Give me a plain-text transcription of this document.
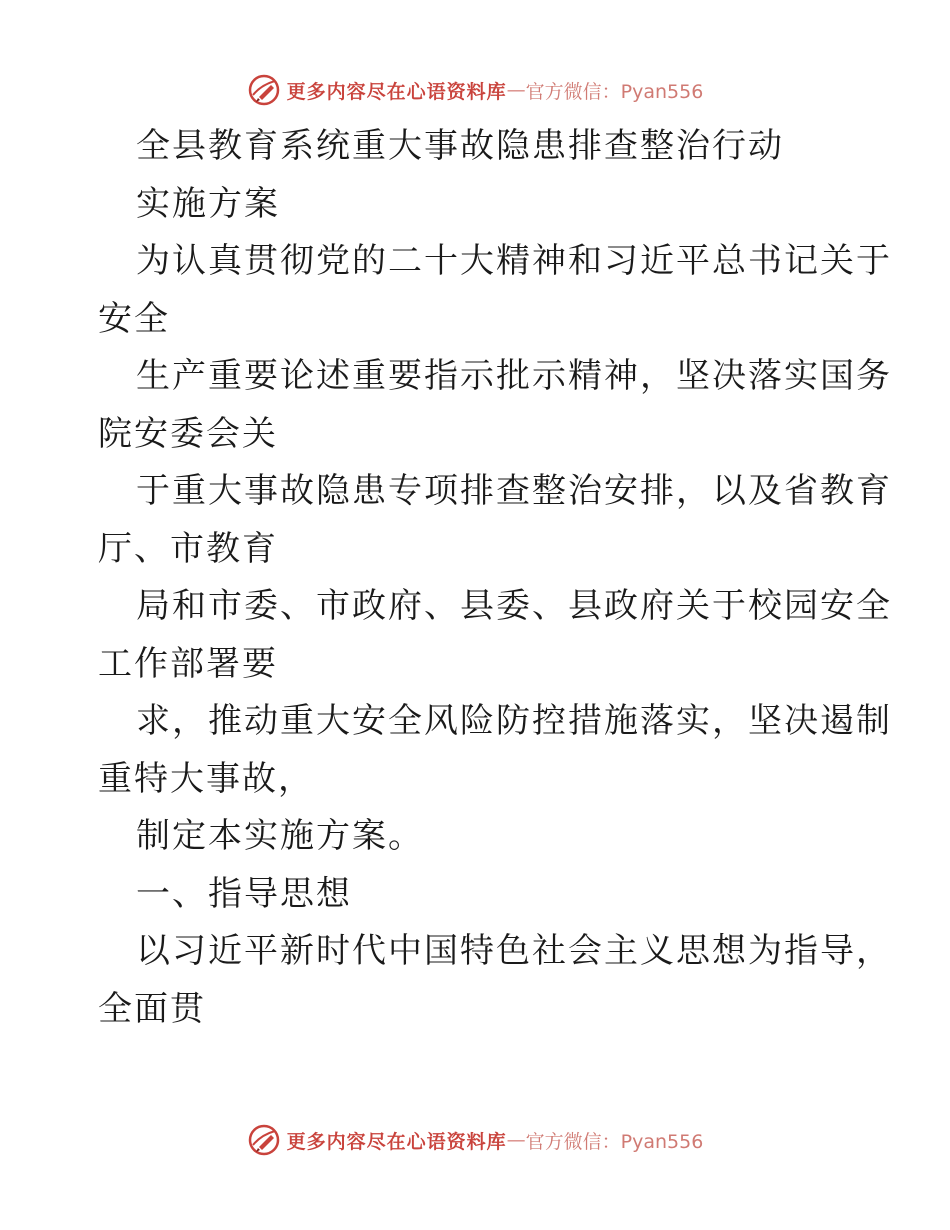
更多内容尽在心语资料库 — 官方微信：Pyan556
全县教育系统重大事故隐患排查整治行动
实施方案
为认真贯彻党的二十大精神和习近平总书记关于
安全
生产重要论述重要指示批示精神，坚决落实国务
院安委会关
于重大事故隐患专项排查整治安排，以及省教育
厅、市教育
局和市委、市政府、县委、县政府关于校园安全
工作部署要
求，推动重大安全风险防控措施落实，坚决遏制
重特大事故，
制定本实施方案。
一、指导思想
以习近平新时代中国特色社会主义思想为指导，
全面贯
更多内容尽在心语资料库 — 官方微信：Pyan556
